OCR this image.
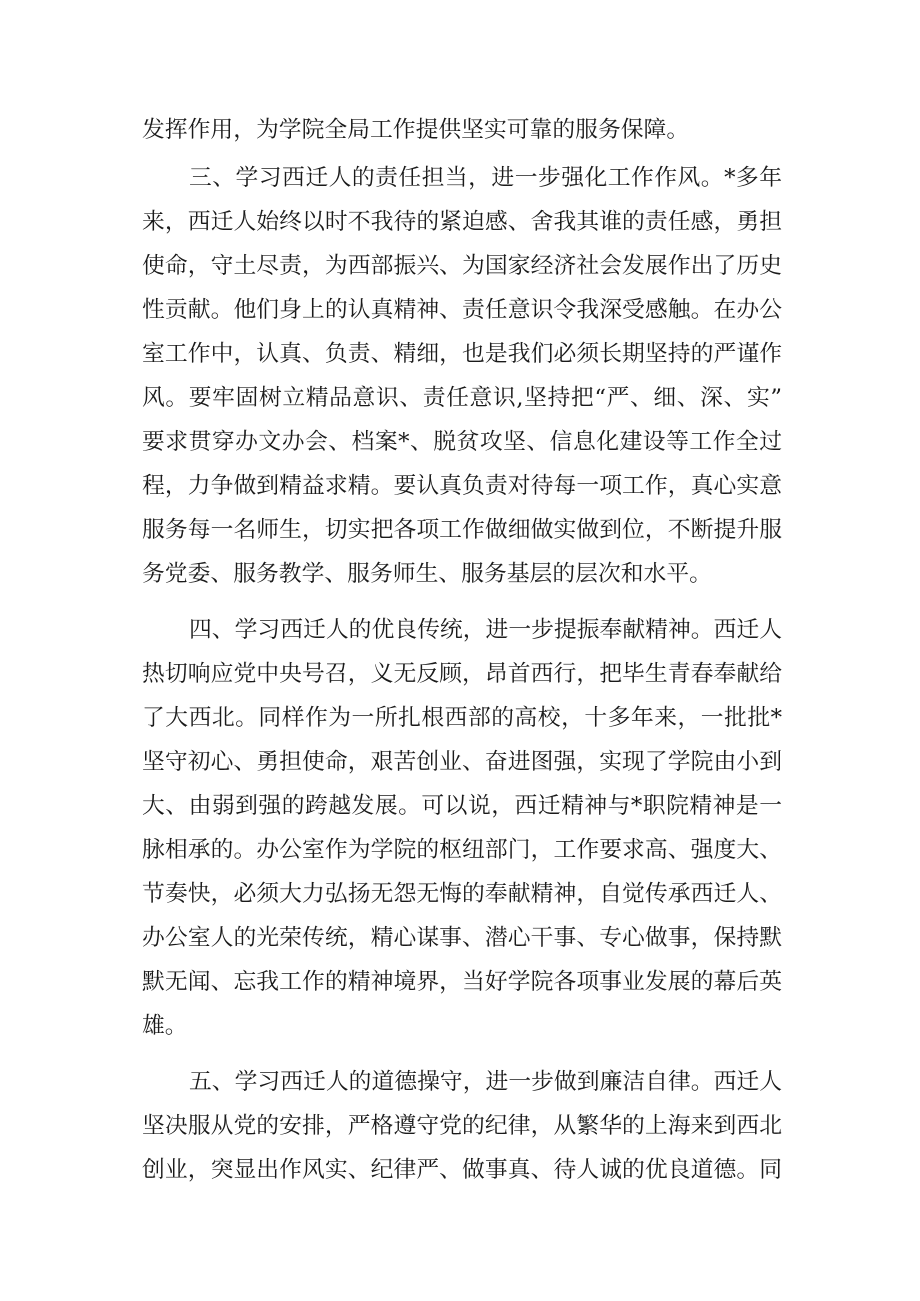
发挥作用，为学院全局工作提供坚实可靠的服务保障。

三、学习西迁人的责任担当，进一步强化工作作风。*多年

来，西迁人始终以时不我待的紧迫感、舍我其谁的责任感，勇担

使命，守土尽责，为西部振兴、为国家经济社会发展作出了历史

性贡献。他们身上的认真精神、责任意识令我深受感触。在办公

室工作中，认真、负责、精细，也是我们必须长期坚持的严谨作

风。要牢固树立精品意识、责任意识,坚持把“严、细、深、实”

要求贯穿办文办会、档案*、脱贫攻坚、信息化建设等工作全过

程，力争做到精益求精。要认真负责对待每一项工作，真心实意

服务每一名师生，切实把各项工作做细做实做到位，不断提升服

务党委、服务教学、服务师生、服务基层的层次和水平。

四、学习西迁人的优良传统，进一步提振奉献精神。西迁人

热切响应党中央号召，义无反顾，昂首西行，把毕生青春奉献给

了大西北。同样作为一所扎根西部的高校，十多年来，一批批*

坚守初心、勇担使命，艰苦创业、奋进图强，实现了学院由小到

大、由弱到强的跨越发展。可以说，西迁精神与*职院精神是一

脉相承的。办公室作为学院的枢纽部门，工作要求高、强度大、

节奏快，必须大力弘扬无怨无悔的奉献精神，自觉传承西迁人、

办公室人的光荣传统，精心谋事、潜心干事、专心做事，保持默

默无闻、忘我工作的精神境界，当好学院各项事业发展的幕后英

雄。

五、学习西迁人的道德操守，进一步做到廉洁自律。西迁人

坚决服从党的安排，严格遵守党的纪律，从繁华的上海来到西北

创业，突显出作风实、纪律严、做事真、待人诚的优良道德。同
